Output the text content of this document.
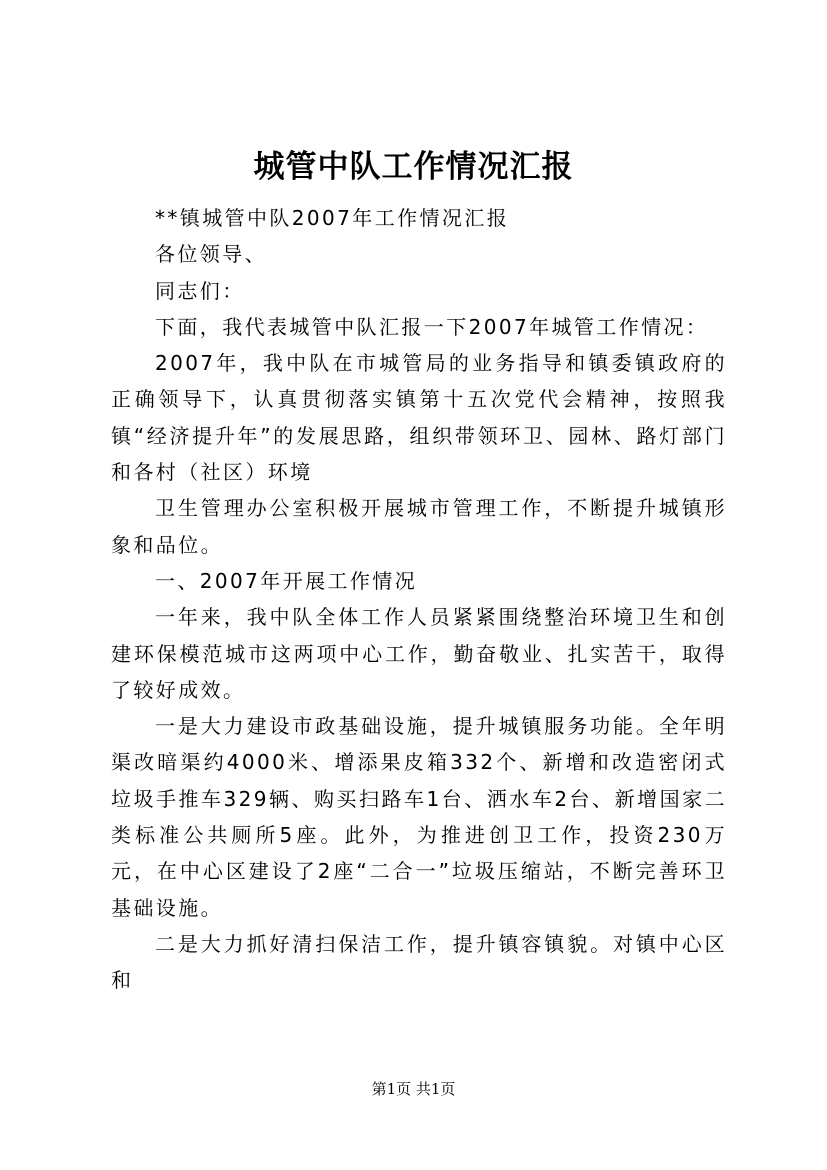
城管中队工作情况汇报

**镇城管中队2007年工作情况汇报

各位领导、

同志们：

下面，我代表城管中队汇报一下2007年城管工作情况：

2007年，我中队在市城管局的业务指导和镇委镇政府的正确领导下，认真贯彻落实镇第十五次党代会精神，按照我镇“经济提升年”的发展思路，组织带领环卫、园林、路灯部门和各村（社区）环境

卫生管理办公室积极开展城市管理工作，不断提升城镇形象和品位。

一、2007年开展工作情况

一年来，我中队全体工作人员紧紧围绕整治环境卫生和创建环保模范城市这两项中心工作，勤奋敬业、扎实苦干，取得了较好成效。

一是大力建设市政基础设施，提升城镇服务功能。全年明渠改暗渠约4000米、增添果皮箱332个、新增和改造密闭式垃圾手推车329辆、购买扫路车1台、洒水车2台、新增国家二类标准公共厕所5座。此外，为推进创卫工作，投资230万元，在中心区建设了2座“二合一”垃圾压缩站，不断完善环卫基础设施。

二是大力抓好清扫保洁工作，提升镇容镇貌。对镇中心区和

第1页 共1页
